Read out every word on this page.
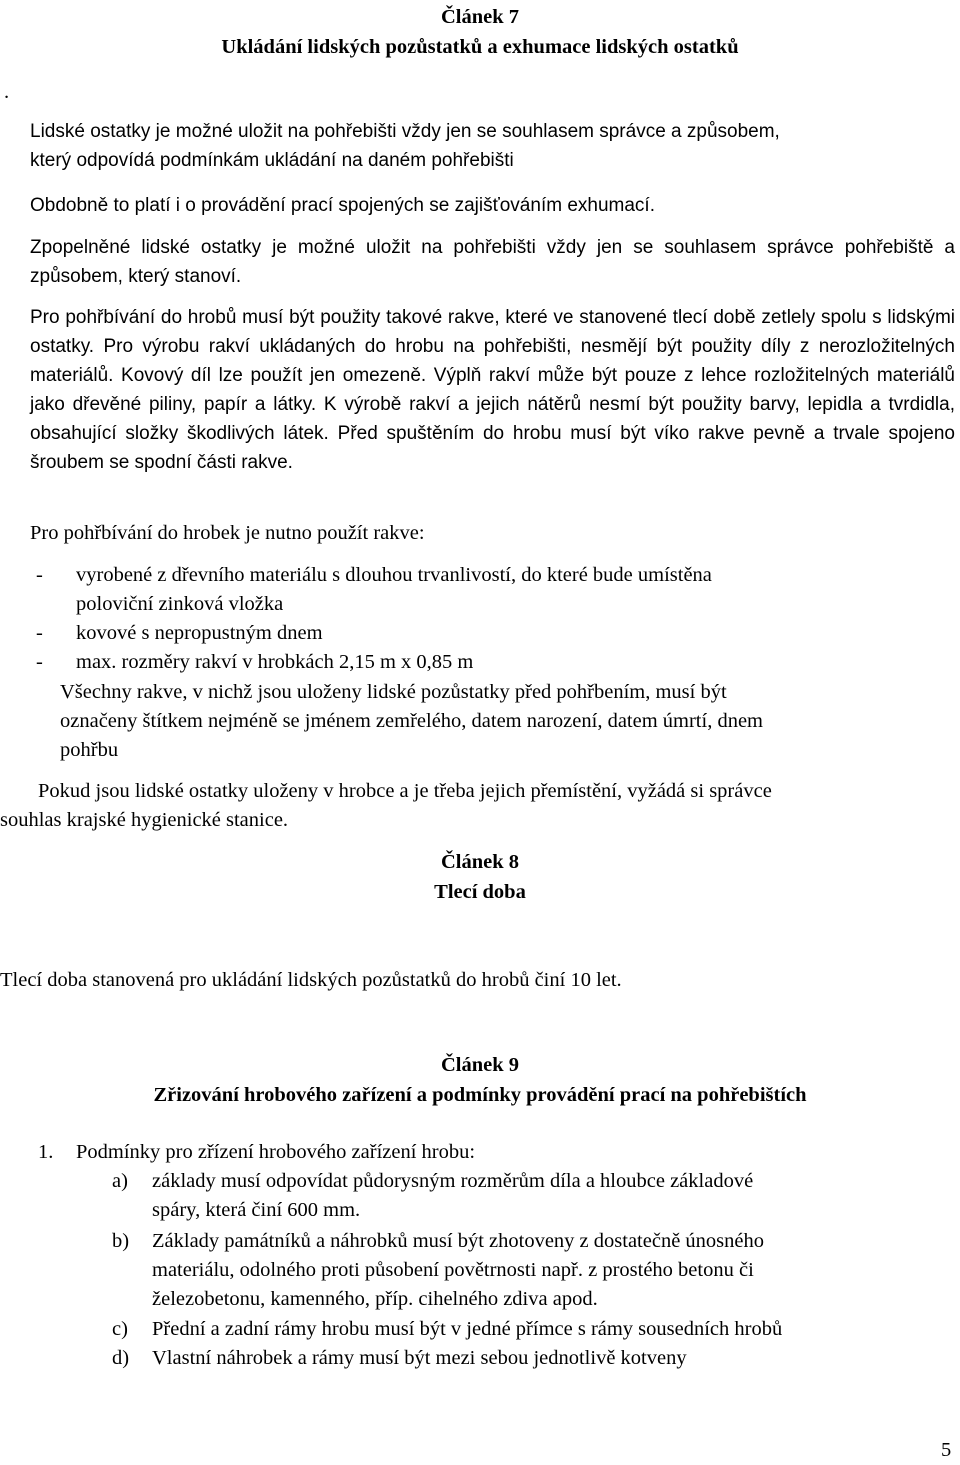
Článek 7
Ukládání lidských pozůstatků a exhumace lidských ostatků
.
Lidské ostatky je možné uložit na pohřebišti vždy jen se souhlasem správce a způsobem,
který odpovídá podmínkám ukládání na daném pohřebišti
Obdobně to platí i o provádění prací spojených se zajišťováním exhumací.
Zpopelněné lidské ostatky je možné uložit na pohřebišti vždy jen se souhlasem správce pohřebiště a způsobem, který stanoví.
Pro pohřbívání do hrobů musí být použity takové rakve, které ve stanovené tlecí době zetlely spolu s lidskými ostatky. Pro výrobu rakví ukládaných do hrobu na pohřebišti, nesmějí být použity díly z nerozložitelných materiálů. Kovový díl lze použít jen omezeně. Výplň rakví může být pouze z lehce rozložitelných materiálů jako dřevěné piliny, papír a látky. K výrobě rakví a jejich nátěrů nesmí být použity barvy, lepidla a tvrdidla, obsahující složky škodlivých látek. Před spuštěním do hrobu musí být víko rakve pevně a trvale spojeno šroubem se spodní části rakve.
Pro pohřbívání do hrobek je nutno použít rakve:
- vyrobené z dřevního materiálu s dlouhou trvanlivostí, do které bude umístěna
poloviční zinková vložka
- kovové s nepropustným dnem
- max. rozměry rakví v hrobkách 2,15 m x 0,85 m
Všechny rakve, v nichž jsou uloženy lidské pozůstatky před pohřbením, musí být
označeny štítkem nejméně se jménem zemřelého, datem narození, datem úmrtí, dnem
pohřbu
Pokud jsou lidské ostatky uloženy v hrobce a je třeba jejich přemístění, vyžádá si správce
souhlas krajské hygienické stanice.
Článek 8
Tlecí doba
Tlecí doba stanovená pro ukládání lidských pozůstatků do hrobů činí 10 let.
Článek 9
Zřizování hrobového zařízení a podmínky provádění prací na pohřebištích
1. Podmínky pro zřízení hrobového zařízení hrobu:
a) základy musí odpovídat půdorysným rozměrům díla a hloubce základové
spáry, která činí 600 mm.
b) Základy památníků a náhrobků musí být zhotoveny z dostatečně únosného
materiálu, odolného proti působení povětrnosti např. z prostého betonu či
železobetonu, kamenného, příp. cihelného zdiva apod.
c) Přední a zadní rámy hrobu musí být v jedné přímce s rámy sousedních hrobů
d) Vlastní náhrobek a rámy musí být mezi sebou jednotlivě kotveny
5
